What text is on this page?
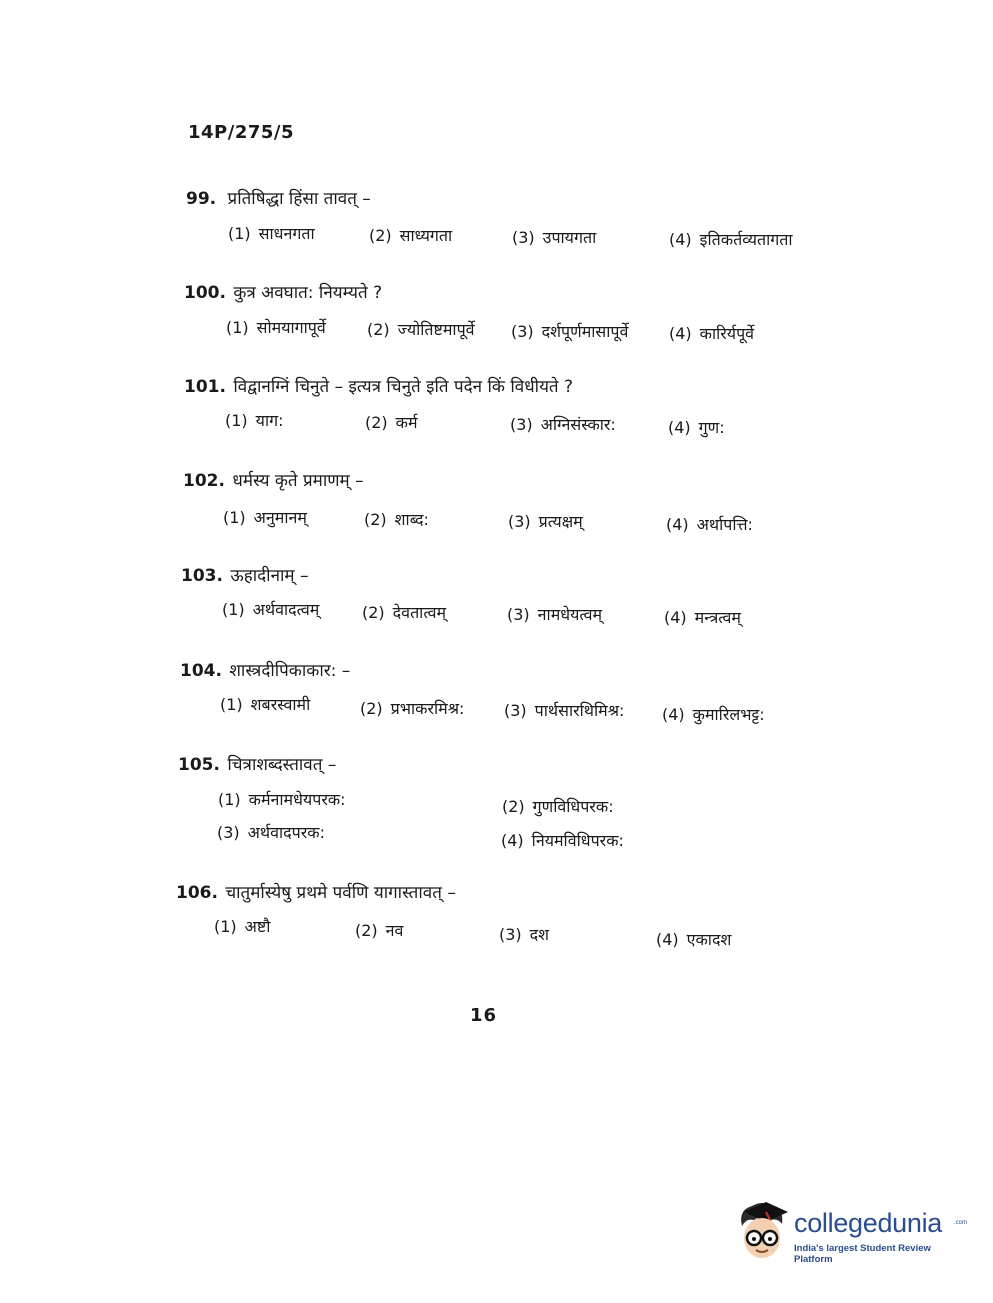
14P/275/5
99. प्रतिषिद्धा हिंसा तावत् –
(1) साधनगता	(2) साध्यगता	(3) उपायगता	(4) इतिकर्तव्यतागता
100. कुत्र अवघात: नियम्यते ?
(1) सोमयागापूर्वे	(2) ज्योतिष्टमापूर्वे (3) दर्शपूर्णमासापूर्वे	(4) कारिर्यपूर्वे
101. विद्वानग्निं चिनुते – इत्यत्र चिनुते इति पदेन किं विधीयते ?
(1) याग:	(2) कर्म	(3) अग्निसंस्कार:	(4) गुण:
102. धर्मस्य कृते प्रमाणम् –
(1) अनुमानम्	(2) शाब्द:	(3) प्रत्यक्षम्	(4) अर्थापत्ति:
103. ऊहादीनाम् –
(1) अर्थवादत्वम्	(2) देवतात्वम्	(3) नामधेयत्वम्	(4) मन्त्रत्वम्
104. शास्त्रदीपिकाकार: –
(1) शबरस्वामी	(2) प्रभाकरमिश्र: (3) पार्थसारथिमिश्र: (4) कुमारिलभट्ट:
105. चित्राशब्दस्तावत् –
(1) कर्मनामधेयपरक:	(2) गुणविधिपरक:
(3) अर्थवादपरक:	(4) नियमविधिपरक:
106. चातुर्मास्येषु प्रथमे पर्वणि यागास्तावत् –
(1) अष्टौ	(2) नव	(3) दश	(4) एकादश
16
collegedunia .com
India's largest Student Review Platform
